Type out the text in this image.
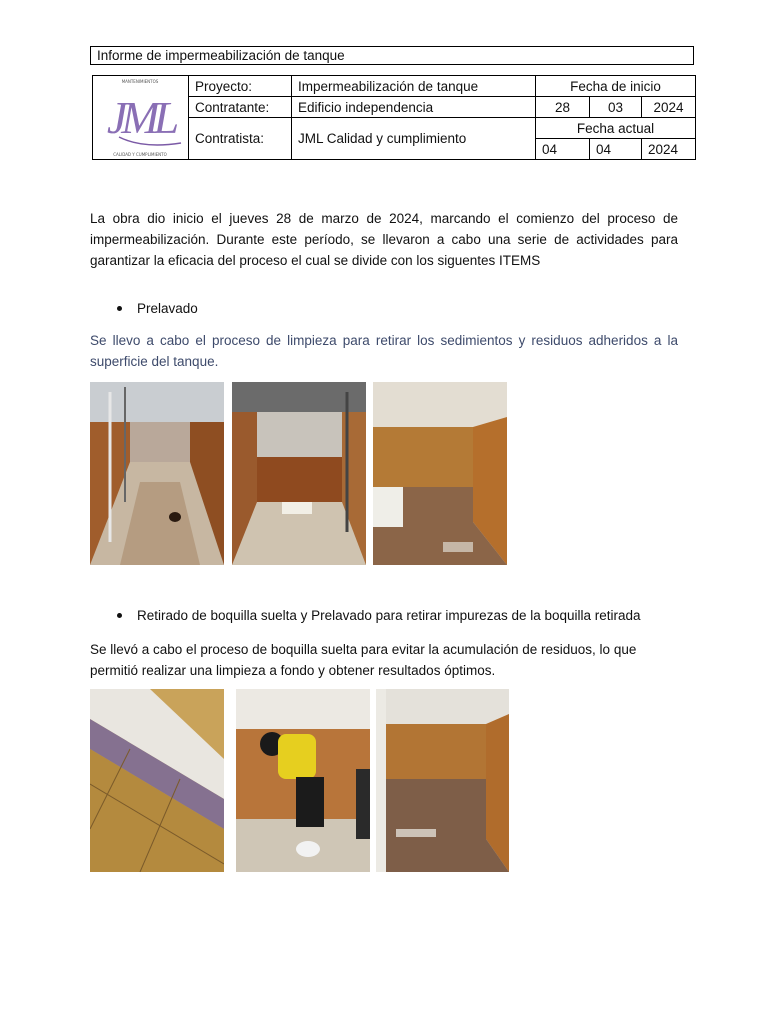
Informe de impermeabilización de tanque
MANTENIMIENTOS
JML
CALIDAD Y CUMPLIMIENTO	Proyecto:	Impermeabilización de tanque	Fecha de inicio		
	Contratante:	Edificio independencia	28	03	2024
	Contratista:	JML Calidad y cumplimiento	Fecha actual		
			04	04	2024
La obra dio inicio el jueves 28 de marzo de 2024, marcando el comienzo del proceso de impermeabilización. Durante este período, se llevaron a cabo una serie de actividades para garantizar la eficacia del proceso el cual se divide con los siguentes ITEMS
Prelavado
Se llevo a cabo el proceso de limpieza para retirar los sedimientos y residuos adheridos a la superficie del tanque.
Retirado de boquilla suelta y Prelavado para retirar impurezas de la boquilla retirada
Se llevó a cabo el proceso de boquilla suelta para evitar la acumulación de residuos, lo que permitió realizar una limpieza a fondo y obtener resultados óptimos.
